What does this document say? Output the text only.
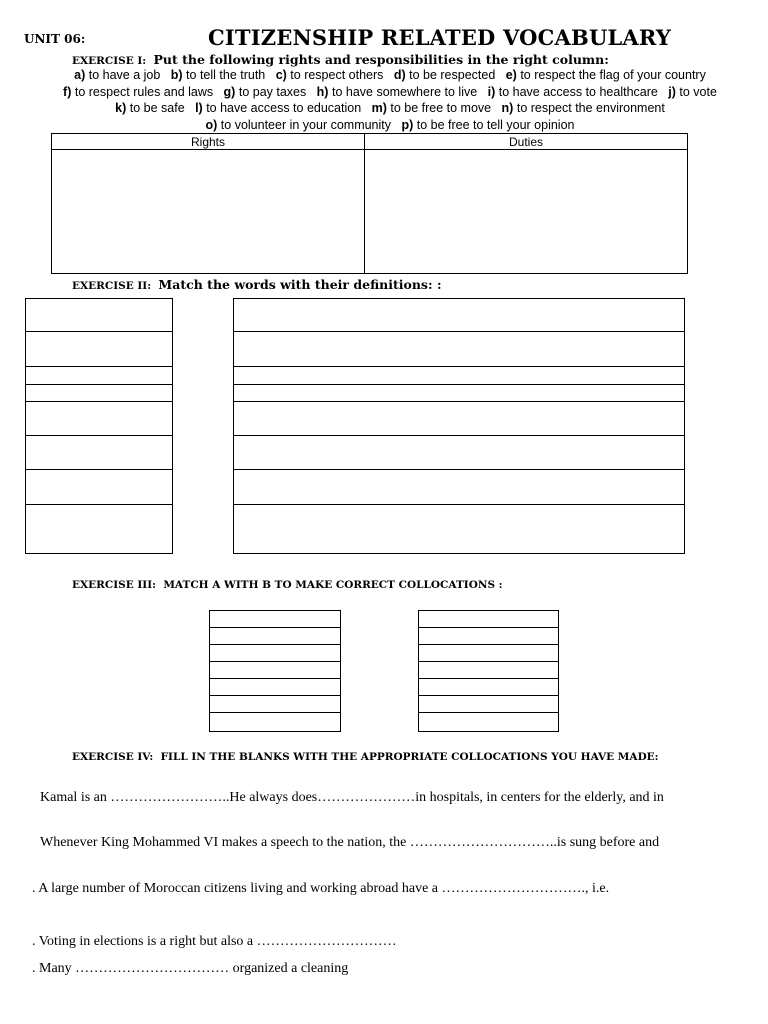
UNIT 06:	CITIZENSHIP RELATED VOCABULARY
EXERCISE I: Put the following rights and responsibilities in the right column:
a) to have a job b) to tell the truth c) to respect others d) to be respected e) to respect the flag of your country
f) to respect rules and laws g) to pay taxes h) to have somewhere to live i) to have access to healthcare j) to vote
k) to be safe l) to have access to education m) to be free to move n) to respect the environment
o) to volunteer in your community p) to be free to tell your opinion
Rights	Duties

EXERCISE II: Match the words with their definitions: :
EXERCISE III: MATCH A WITH B TO MAKE CORRECT COLLOCATIONS :
EXERCISE IV: FILL IN THE BLANKS WITH THE APPROPRIATE COLLOCATIONS YOU HAVE MADE:
Kamal is an ……………………..He always does…………………in hospitals, in centers for the elderly, and in
Whenever King Mohammed VI makes a speech to the nation, the …………………………..is sung before and
. A large number of Moroccan citizens living and working abroad have a …………………………., i.e.
. Voting in elections is a right but also a …………………………
. Many …………………………… organized a cleaning
